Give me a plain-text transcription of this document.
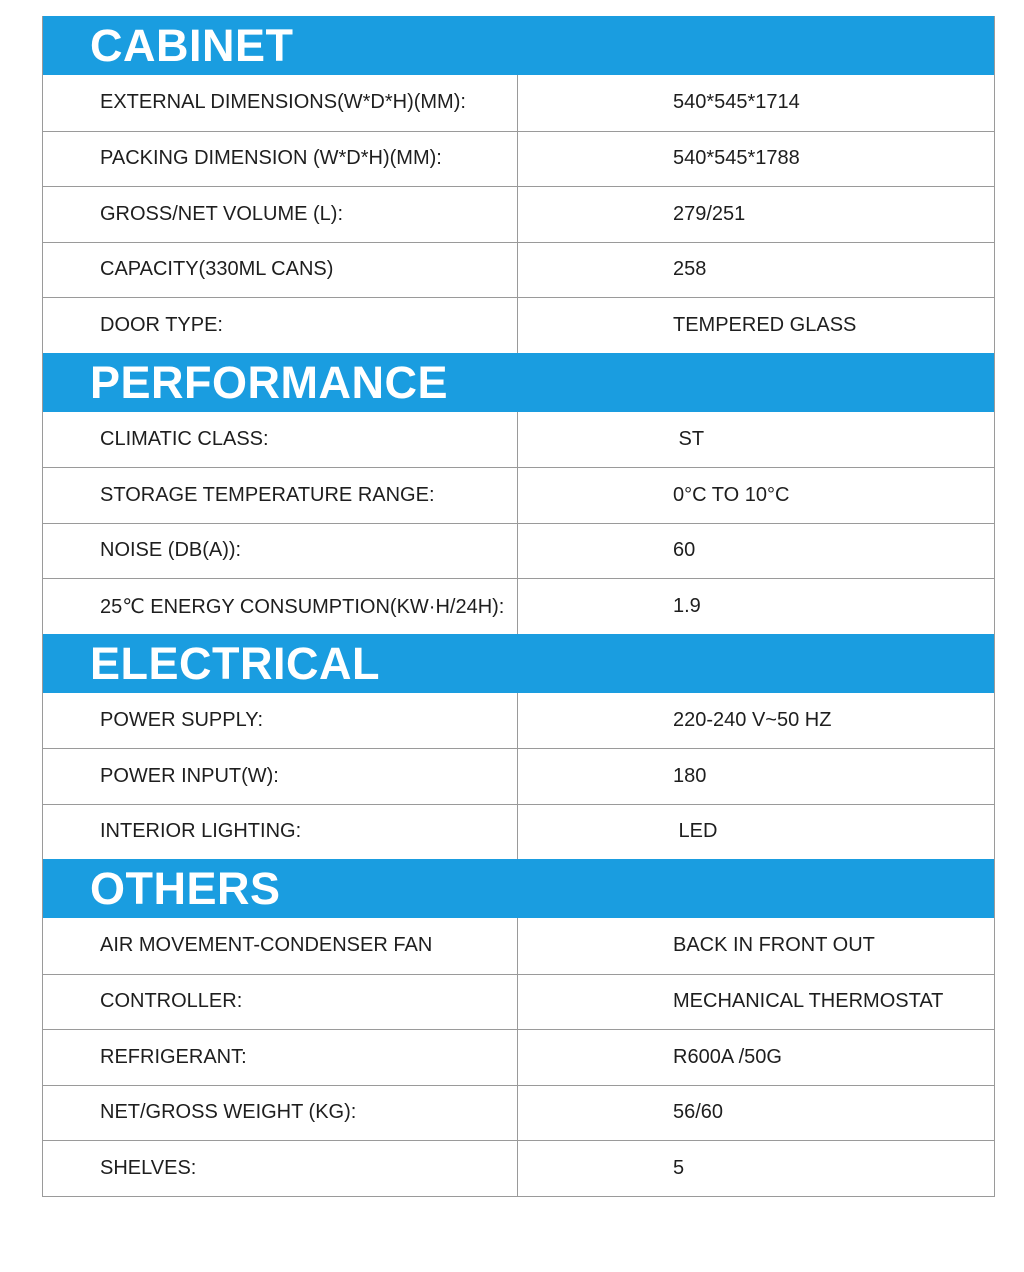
CABINET
EXTERNAL DIMENSIONS(W*D*H)(MM):	540*545*1714
PACKING DIMENSION (W*D*H)(MM):	540*545*1788
GROSS/NET VOLUME (L):	279/251
CAPACITY(330ML CANS)	258
DOOR TYPE:	TEMPERED GLASS
PERFORMANCE
CLIMATIC CLASS:	ST
STORAGE TEMPERATURE RANGE:	0°C TO 10°C
NOISE (DB(A)):	60
25℃ ENERGY CONSUMPTION(KW·H/24H):	1.9
ELECTRICAL
POWER SUPPLY:	220-240 V~50 HZ
POWER INPUT(W):	180
INTERIOR LIGHTING:	LED
OTHERS
AIR MOVEMENT-CONDENSER FAN	BACK IN FRONT OUT
CONTROLLER:	MECHANICAL THERMOSTAT
REFRIGERANT:	R600A /50G
NET/GROSS WEIGHT (KG):	56/60
SHELVES:	5
